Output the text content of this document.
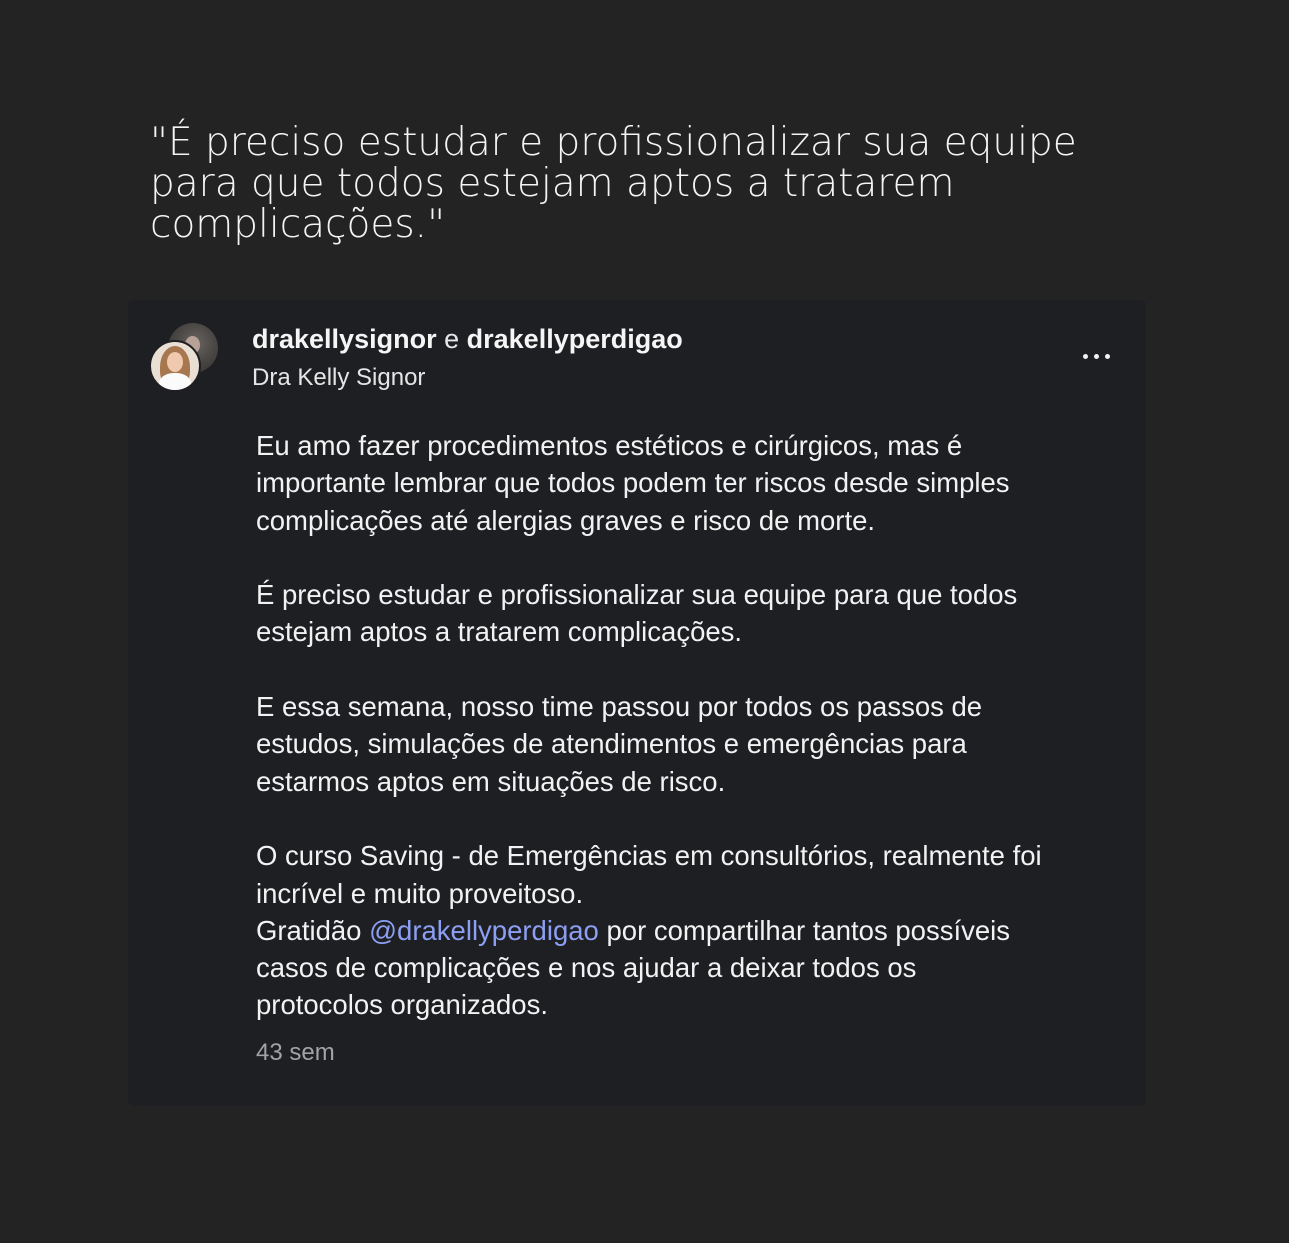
"É preciso estudar e profissionalizar sua equipe
para que todos estejam aptos a tratarem
complicações."
drakellysignor e drakellyperdigao
Dra Kelly Signor

Eu amo fazer procedimentos estéticos e cirúrgicos, mas é
importante lembrar que todos podem ter riscos desde simples
complicações até alergias graves e risco de morte.

É preciso estudar e profissionalizar sua equipe para que todos
estejam aptos a tratarem complicações.

E essa semana, nosso time passou por todos os passos de
estudos, simulações de atendimentos e emergências para
estarmos aptos em situações de risco.

O curso Saving - de Emergências em consultórios, realmente foi
incrível e muito proveitoso.
Gratidão @drakellyperdigao por compartilhar tantos possíveis
casos de complicações e nos ajudar a deixar todos os
protocolos organizados.

43 sem
